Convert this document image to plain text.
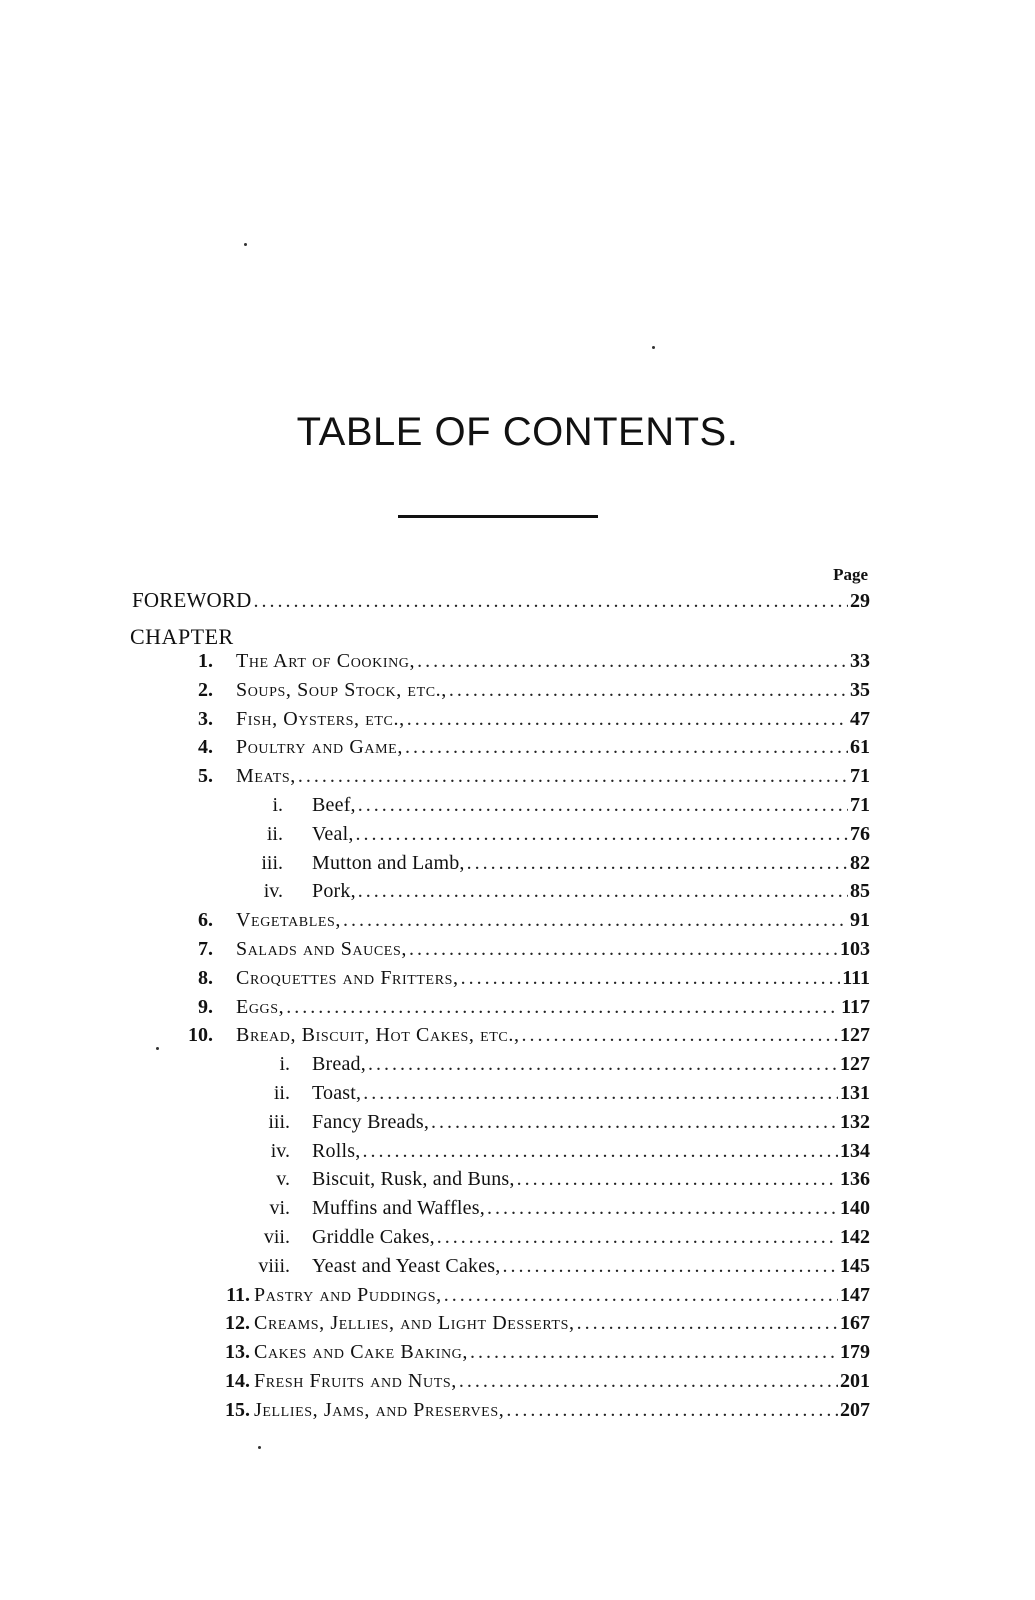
TABLE OF CONTENTS.
Page
FOREWORD . . .	29
CHAPTER
1. The Art of Cooking, . . .	33
2. Soups, Soup Stock, etc., . . .	35
3. Fish, Oysters, etc., . . .	47
4. Poultry and Game, . . .	61
5. Meats, . . .	71
i. Beef, . . .	71
ii. Veal, . . .	76
iii. Mutton and Lamb, . . .	82
iv. Pork, . . .	85
6. Vegetables, . . .	91
7. Salads and Sauces, . . .	103
8. Croquettes and Fritters, . . .	111
9. Eggs, . . .	117
10. Bread, Biscuit, Hot Cakes, etc., . . .	127
i. Bread, . . .	127
ii. Toast, . . .	131
iii. Fancy Breads, . . .	132
iv. Rolls, . . .	134
v. Biscuit, Rusk, and Buns, . . .	136
vi. Muffins and Waffles, . . .	140
vii. Griddle Cakes, . . .	142
viii. Yeast and Yeast Cakes, . . .	145
11. Pastry and Puddings, . . .	147
12. Creams, Jellies, and Light Desserts, . . .	167
13. Cakes and Cake Baking, . . .	179
14. Fresh Fruits and Nuts, . . .	201
15. Jellies, Jams, and Preserves, . . .	207
